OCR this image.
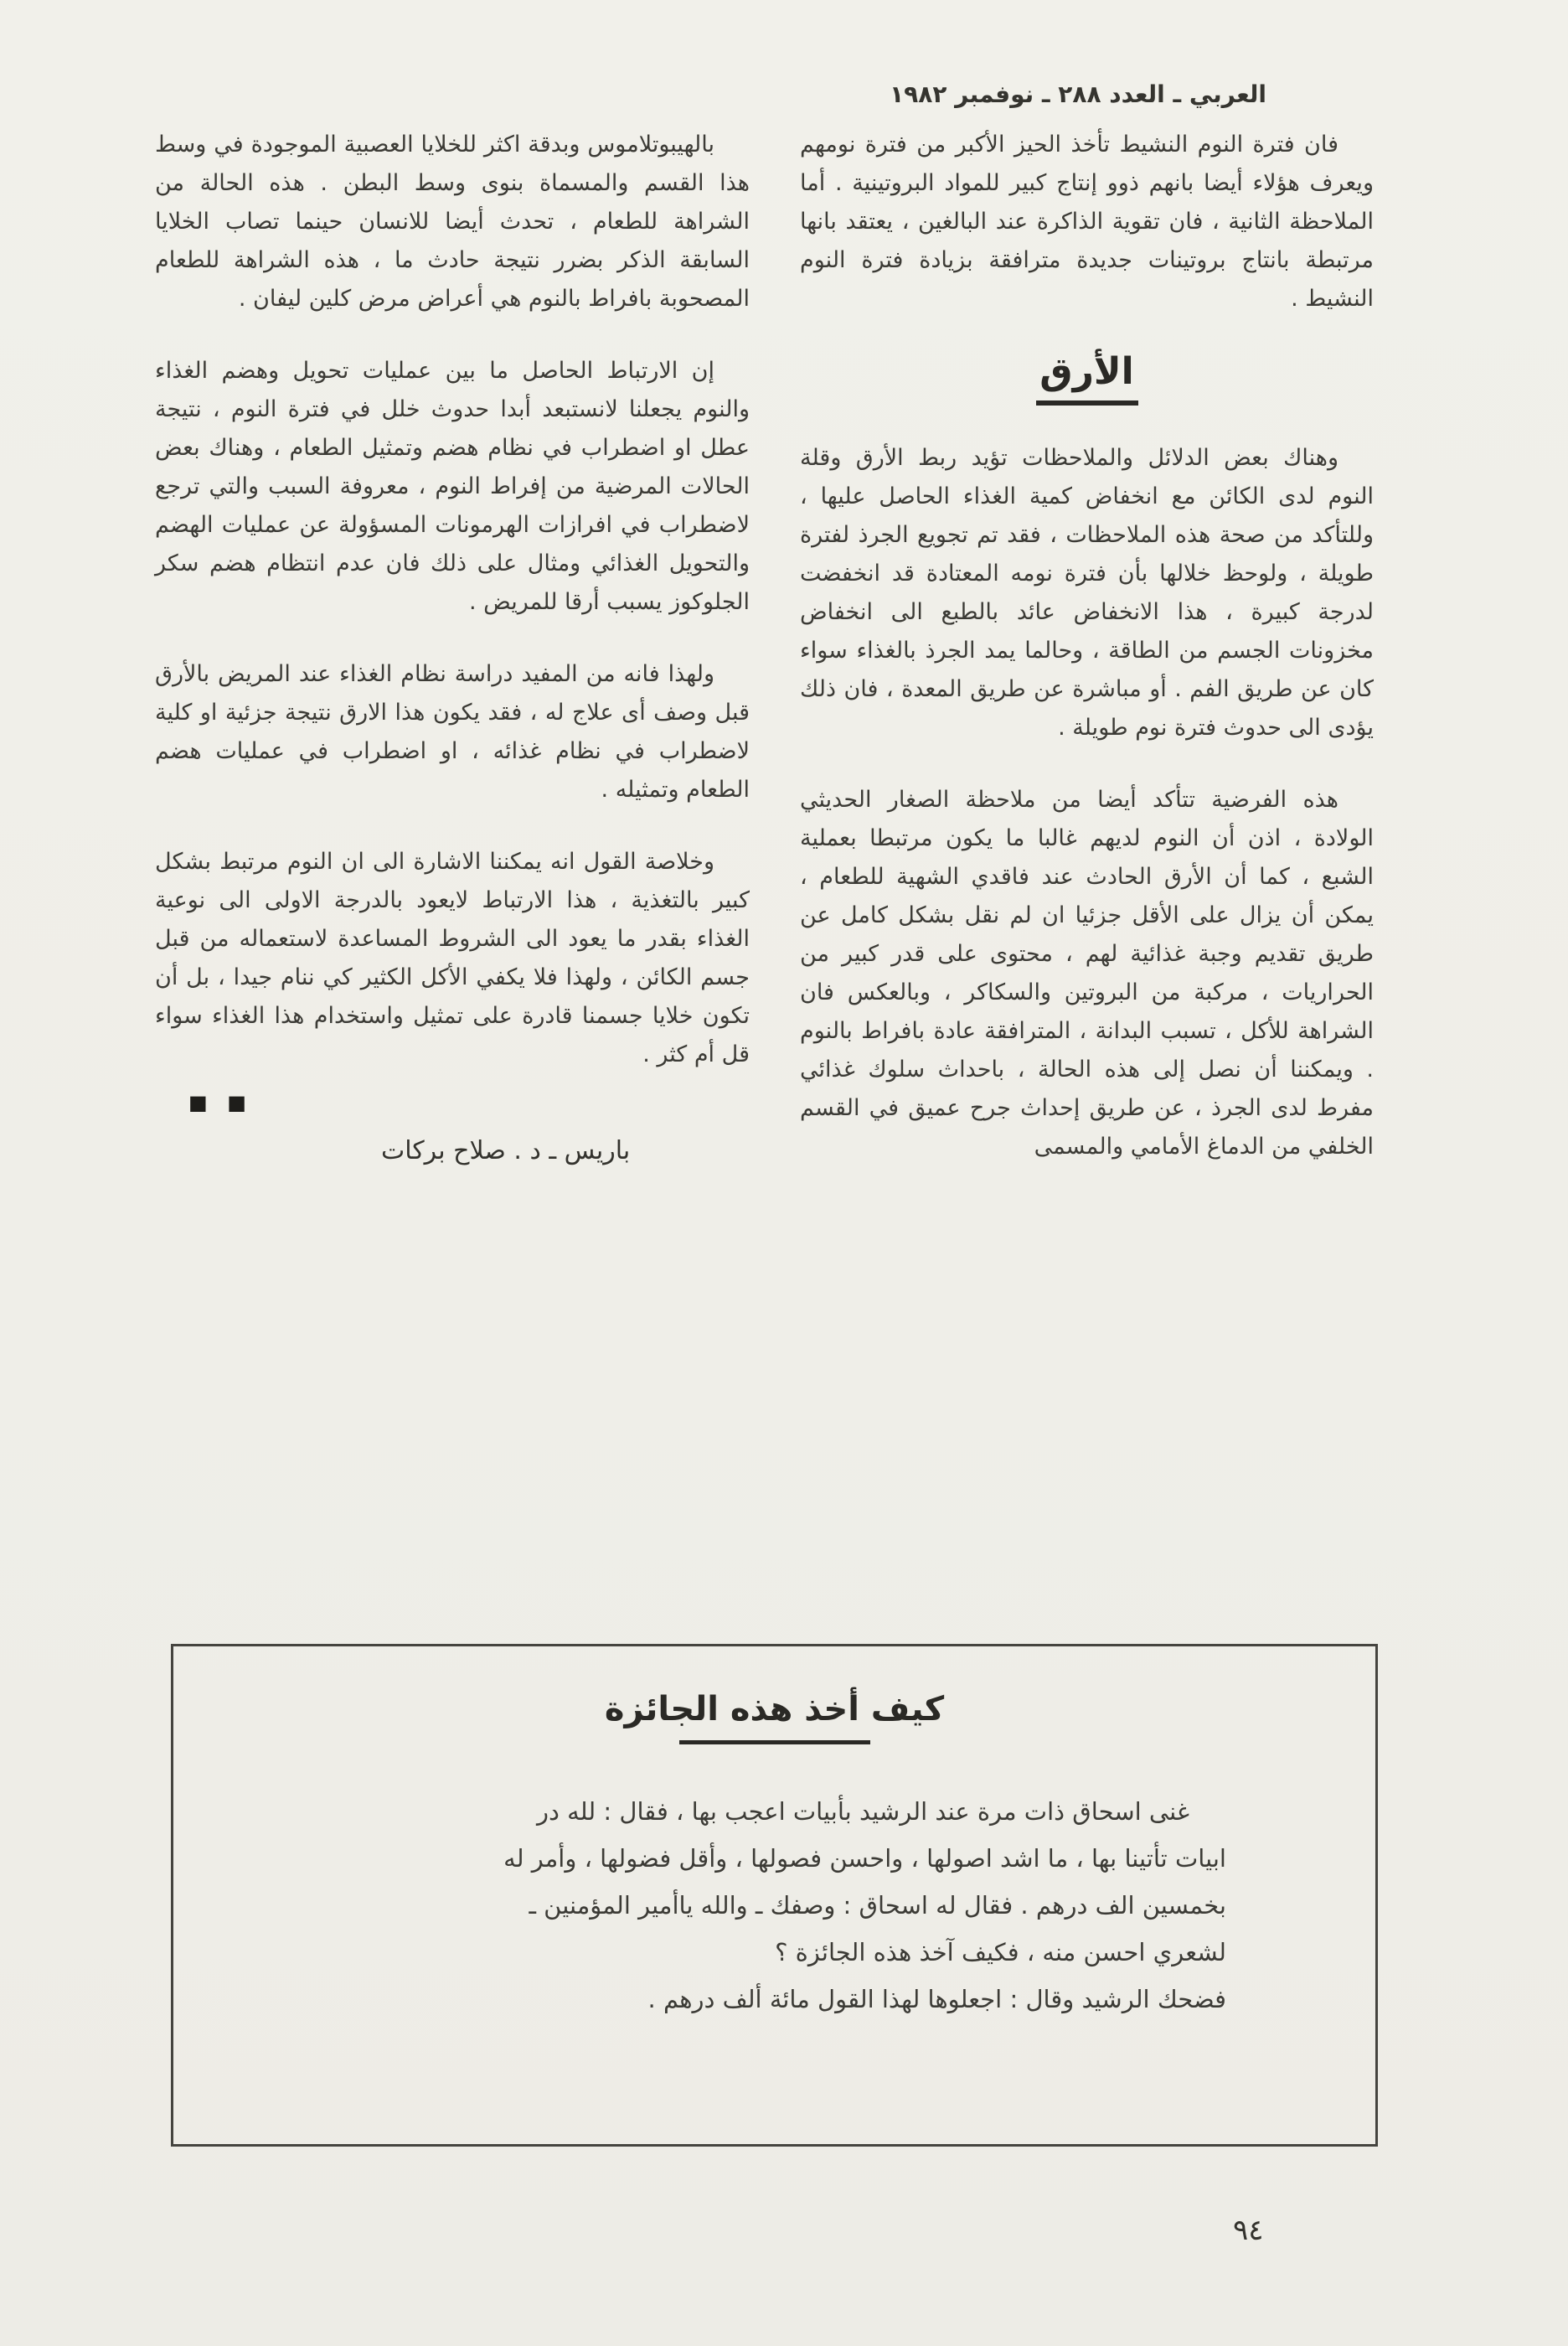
العربي ـ العدد ٢٨٨ ـ نوفمبر ١٩٨٢

فان فترة النوم النشيط تأخذ الحيز الأكبر من فترة نومهم ويعرف هؤلاء أيضا بانهم ذوو إنتاج كبير للمواد البروتينية . أما الملاحظة الثانية ، فان تقوية الذاكرة عند البالغين ، يعتقد بانها مرتبطة بانتاج بروتينات جديدة مترافقة بزيادة فترة النوم النشيط .

الأرق

وهناك بعض الدلائل والملاحظات تؤيد ربط الأرق وقلة النوم لدى الكائن مع انخفاض كمية الغذاء الحاصل عليها ، وللتأكد من صحة هذه الملاحظات ، فقد تم تجويع الجرذ لفترة طويلة ، ولوحظ خلالها بأن فترة نومه المعتادة قد انخفضت لدرجة كبيرة ، هذا الانخفاض عائد بالطبع الى انخفاض مخزونات الجسم من الطاقة ، وحالما يمد الجرذ بالغذاء سواء كان عن طريق الفم . أو مباشرة عن طريق المعدة ، فان ذلك يؤدى الى حدوث فترة نوم طويلة .

هذه الفرضية تتأكد أيضا من ملاحظة الصغار الحديثي الولادة ، اذن أن النوم لديهم غالبا ما يكون مرتبطا بعملية الشبع ، كما أن الأرق الحادث عند فاقدي الشهية للطعام ، يمكن أن يزال على الأقل جزئيا ان لم نقل بشكل كامل عن طريق تقديم وجبة غذائية لهم ، محتوى على قدر كبير من الحراريات ، مركبة من البروتين والسكاكر ، وبالعكس فان الشراهة للأكل ، تسبب البدانة ، المترافقة عادة بافراط بالنوم . ويمكننا أن نصل إلى هذه الحالة ، باحداث سلوك غذائي مفرط لدى الجرذ ، عن طريق إحداث جرح عميق في القسم الخلفي من الدماغ الأمامي والمسمى

بالهيبوتلاموس وبدقة اكثر للخلايا العصبية الموجودة في وسط هذا القسم والمسماة بنوى وسط البطن . هذه الحالة من الشراهة للطعام ، تحدث أيضا للانسان حينما تصاب الخلايا السابقة الذكر بضرر نتيجة حادث ما ، هذه الشراهة للطعام المصحوبة بافراط بالنوم هي أعراض مرض كلين ليفان .

إن الارتباط الحاصل ما بين عمليات تحويل وهضم الغذاء والنوم يجعلنا لانستبعد أبدا حدوث خلل في فترة النوم ، نتيجة عطل او اضطراب في نظام هضم وتمثيل الطعام ، وهناك بعض الحالات المرضية من إفراط النوم ، معروفة السبب والتي ترجع لاضطراب في افرازات الهرمونات المسؤولة عن عمليات الهضم والتحويل الغذائي ومثال على ذلك فان عدم انتظام هضم سكر الجلوكوز يسبب أرقا للمريض .

ولهذا فانه من المفيد دراسة نظام الغذاء عند المريض بالأرق قبل وصف أى علاج له ، فقد يكون هذا الارق نتيجة جزئية او كلية لاضطراب في نظام غذائه ، او اضطراب في عمليات هضم الطعام وتمثيله .

وخلاصة القول انه يمكننا الاشارة الى ان النوم مرتبط بشكل كبير بالتغذية ، هذا الارتباط لايعود بالدرجة الاولى الى نوعية الغذاء بقدر ما يعود الى الشروط المساعدة لاستعماله من قبل جسم الكائن ، ولهذا فلا يكفي الأكل الكثير كي ننام جيدا ، بل أن تكون خلايا جسمنا قادرة على تمثيل واستخدام هذا الغذاء سواء قل أم كثر .

■ ■
باريس ـ د . صلاح بركات
كيف أخذ هذه الجائزة
غنى اسحاق ذات مرة عند الرشيد بأبيات اعجب بها ، فقال : لله در
ابيات تأتينا بها ، ما اشد اصولها ، واحسن فصولها ، وأقل فضولها ، وأمر له
بخمسين الف درهم . فقال له اسحاق : وصفك ـ والله ياأمير المؤمنين ـ
لشعري احسن منه ، فكيف آخذ هذه الجائزة ؟
فضحك الرشيد وقال : اجعلوها لهذا القول مائة ألف درهم .
٩٤
